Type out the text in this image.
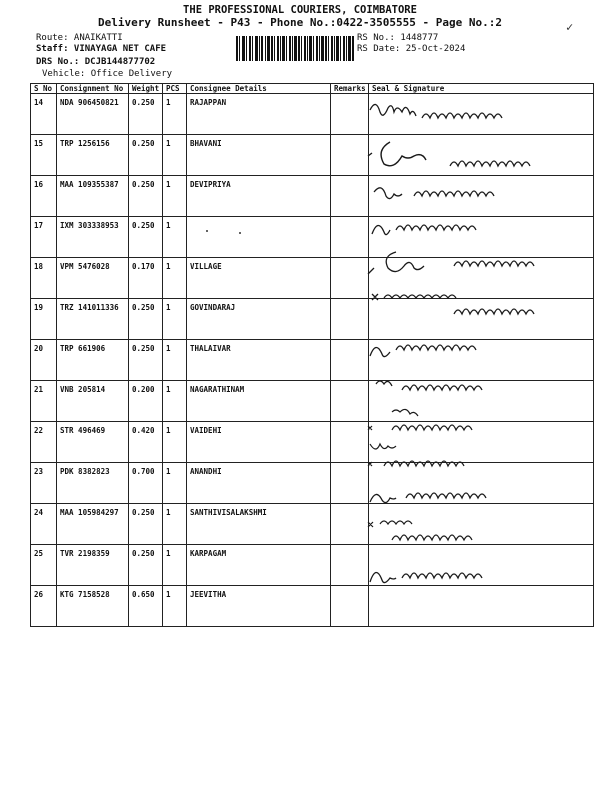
THE PROFESSIONAL COURIERS, COIMBATORE
Delivery Runsheet - P43 - Phone No.:0422-3505555 - Page No.:2	✓
Route: ANAIKATTI
Staff: VINAYAGA NET CAFE
DRS No.: DCJB144877702
Vehicle: Office Delivery
RS No.: 1448777
RS Date: 25-Oct-2024
S No	Consignment No	Weight	PCS	Consignee Details	Remarks	Seal & Signature
14	NDA 906450821	0.250	1	RAJAPPAN		
15	TRP 1256156	0.250	1	BHAVANI		
16	MAA 109355387	0.250	1	DEVIPRIYA		
17	IXM 303338953	0.250	1			
18	VPM 5476028	0.170	1	VILLAGE		
19	TRZ 141011336	0.250	1	GOVINDARAJ		
20	TRP 661906	0.250	1	THALAIVAR		
21	VNB 205814	0.200	1	NAGARATHINAM		
22	STR 496469	0.420	1	VAIDEHI		
23	PDK 8382823	0.700	1	ANANDHI		
24	MAA 105984297	0.250	1	SANTHIVISALAKSHMI		
25	TVR 2198359	0.250	1	KARPAGAM		
26	KTG 7158528	0.650	1	JEEVITHA		
